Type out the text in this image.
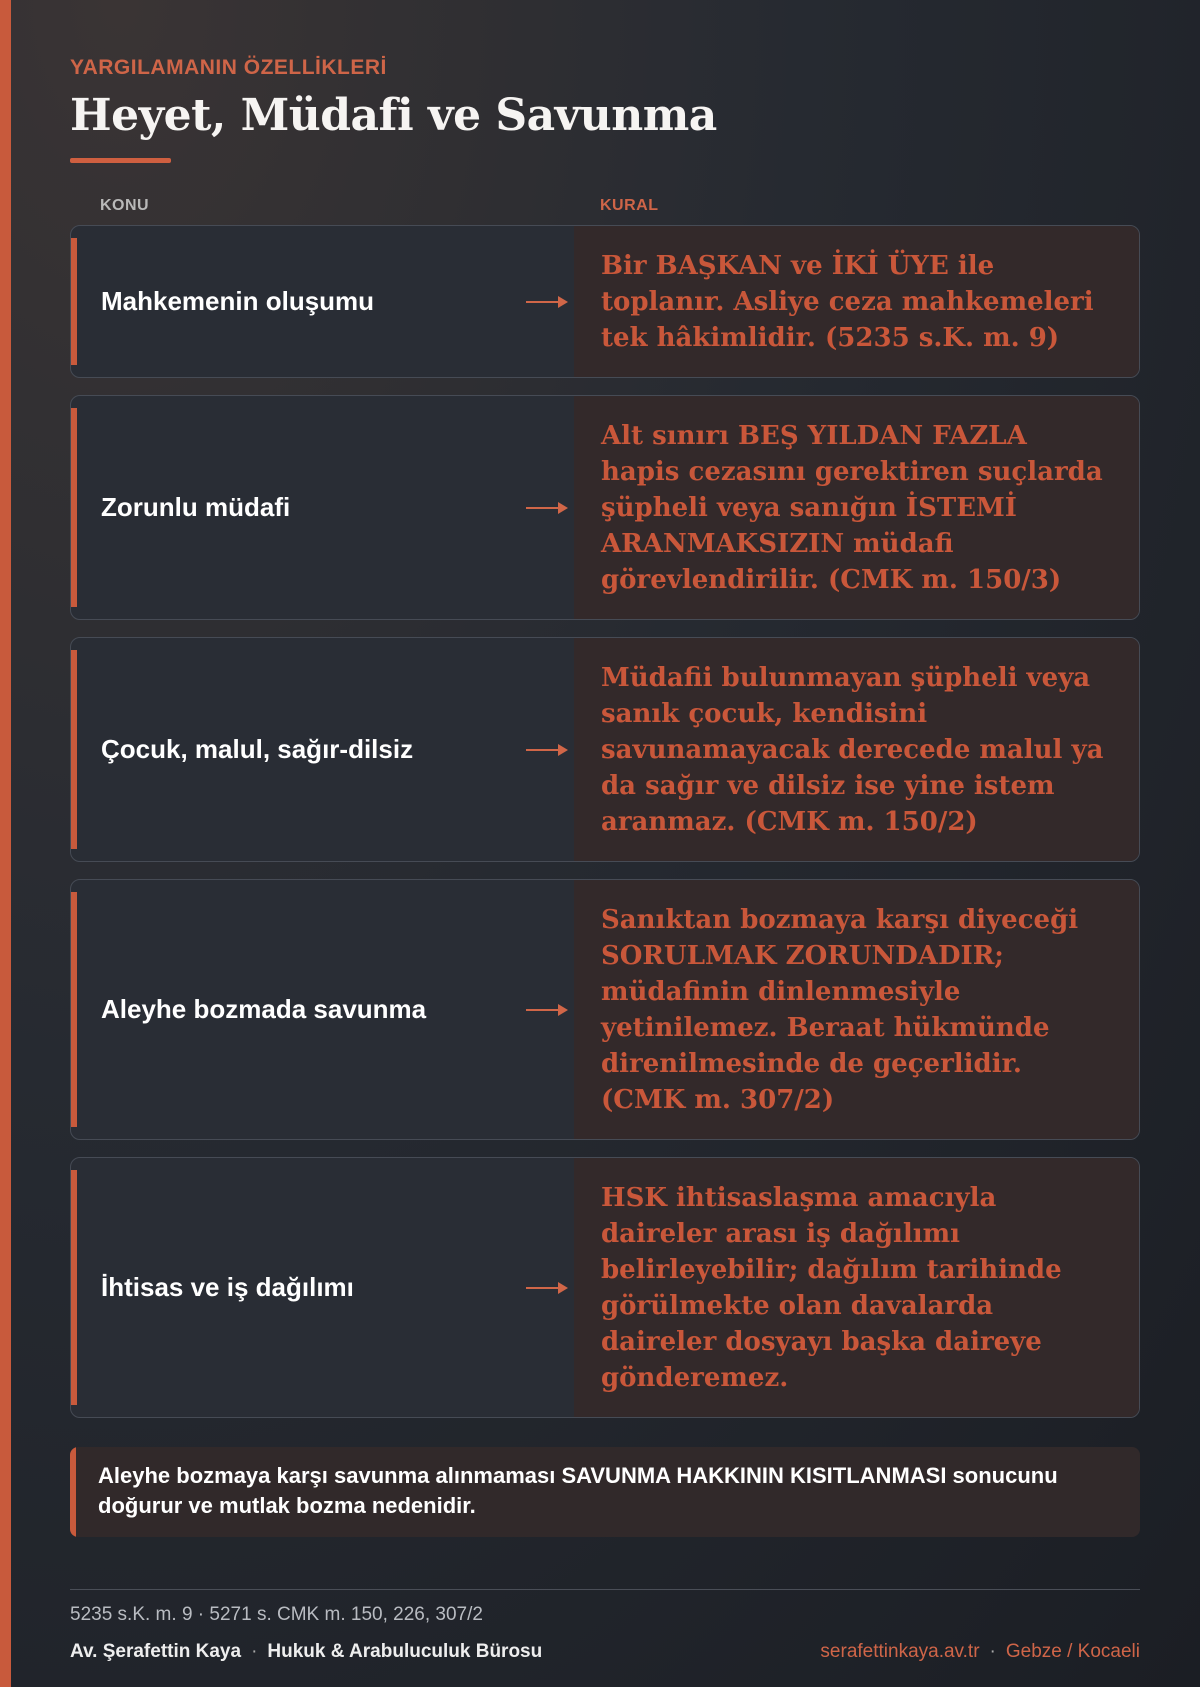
YARGILAMANIN ÖZELLİKLERİ
Heyet, Müdafi ve Savunma
KONU	KURAL
Mahkemenin oluşumu
Bir BAŞKAN ve İKİ ÜYE ile toplanır. Asliye ceza mahkemeleri tek hâkimlidir. (5235 s.K. m. 9)
Zorunlu müdafi
Alt sınırı BEŞ YILDAN FAZLA hapis cezasını gerektiren suçlarda şüpheli veya sanığın İSTEMİ ARANMAKSIZIN müdafi görevlendirilir. (CMK m. 150/3)
Çocuk, malul, sağır-dilsiz
Müdafii bulunmayan şüpheli veya sanık çocuk, kendisini savunamayacak derecede malul ya da sağır ve dilsiz ise yine istem aranmaz. (CMK m. 150/2)
Aleyhe bozmada savunma
Sanıktan bozmaya karşı diyeceği SORULMAK ZORUNDADIR; müdafinin dinlenmesiyle yetinilemez. Beraat hükmünde direnilmesinde de geçerlidir. (CMK m. 307/2)
İhtisas ve iş dağılımı
HSK ihtisaslaşma amacıyla daireler arası iş dağılımı belirleyebilir; dağılım tarihinde görülmekte olan davalarda daireler dosyayı başka daireye gönderemez.
Aleyhe bozmaya karşı savunma alınmaması SAVUNMA HAKKININ KISITLANMASI sonucunu doğurur ve mutlak bozma nedenidir.
5235 s.K. m. 9 · 5271 s. CMK m. 150, 226, 307/2
Av. Şerafettin Kaya · Hukuk & Arabuluculuk Bürosu	serafettinkaya.av.tr · Gebze / Kocaeli
